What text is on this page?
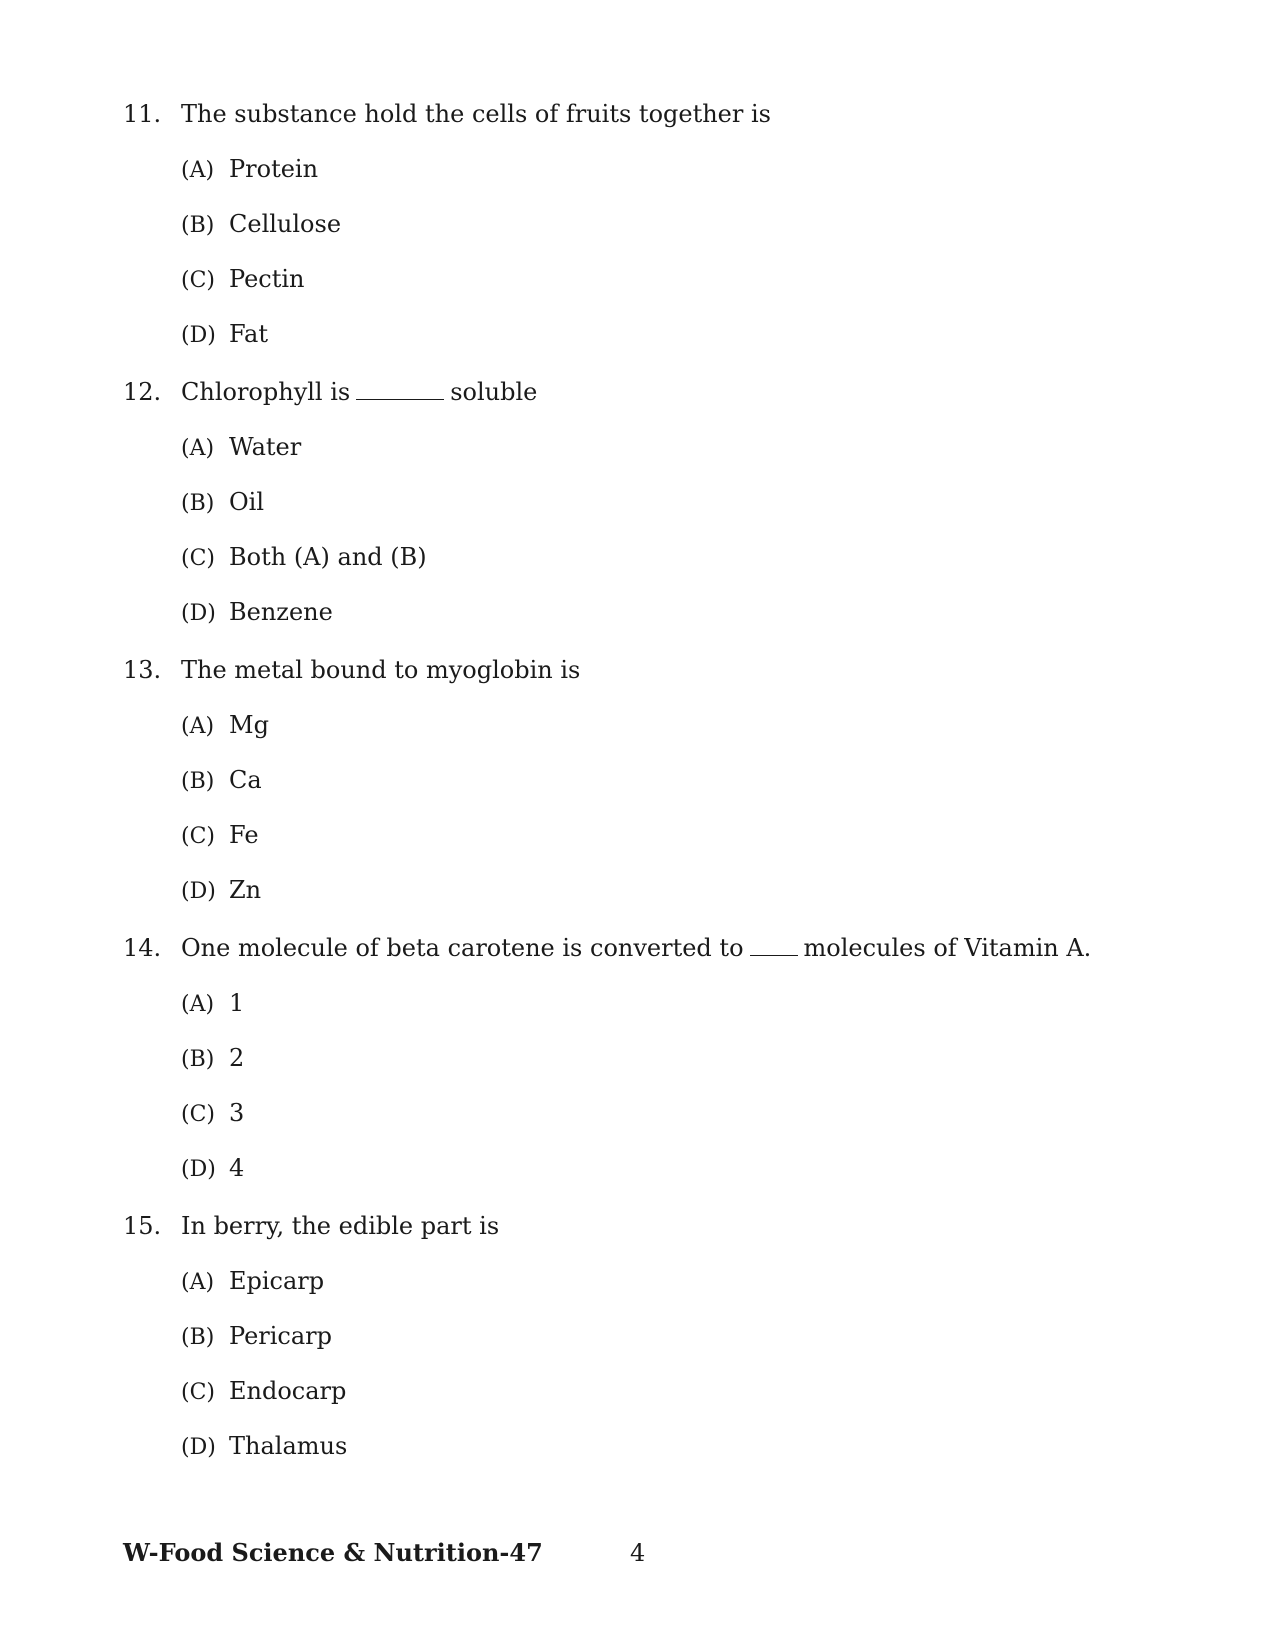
11. The substance hold the cells of fruits together is
(A) Protein
(B) Cellulose
(C) Pectin
(D) Fat
12. Chlorophyll is	soluble
(A) Water
(B) Oil
(C) Both (A) and (B)
(D) Benzene
13. The metal bound to myoglobin is
(A) Mg
(B) Ca
(C) Fe
(D) Zn
14. One molecule of beta carotene is converted to	molecules of Vitamin A.
(A) 1
(B) 2
(C) 3
(D) 4
15. In berry, the edible part is
(A) Epicarp
(B) Pericarp
(C) Endocarp
(D) Thalamus
W-Food Science & Nutrition-47	4
